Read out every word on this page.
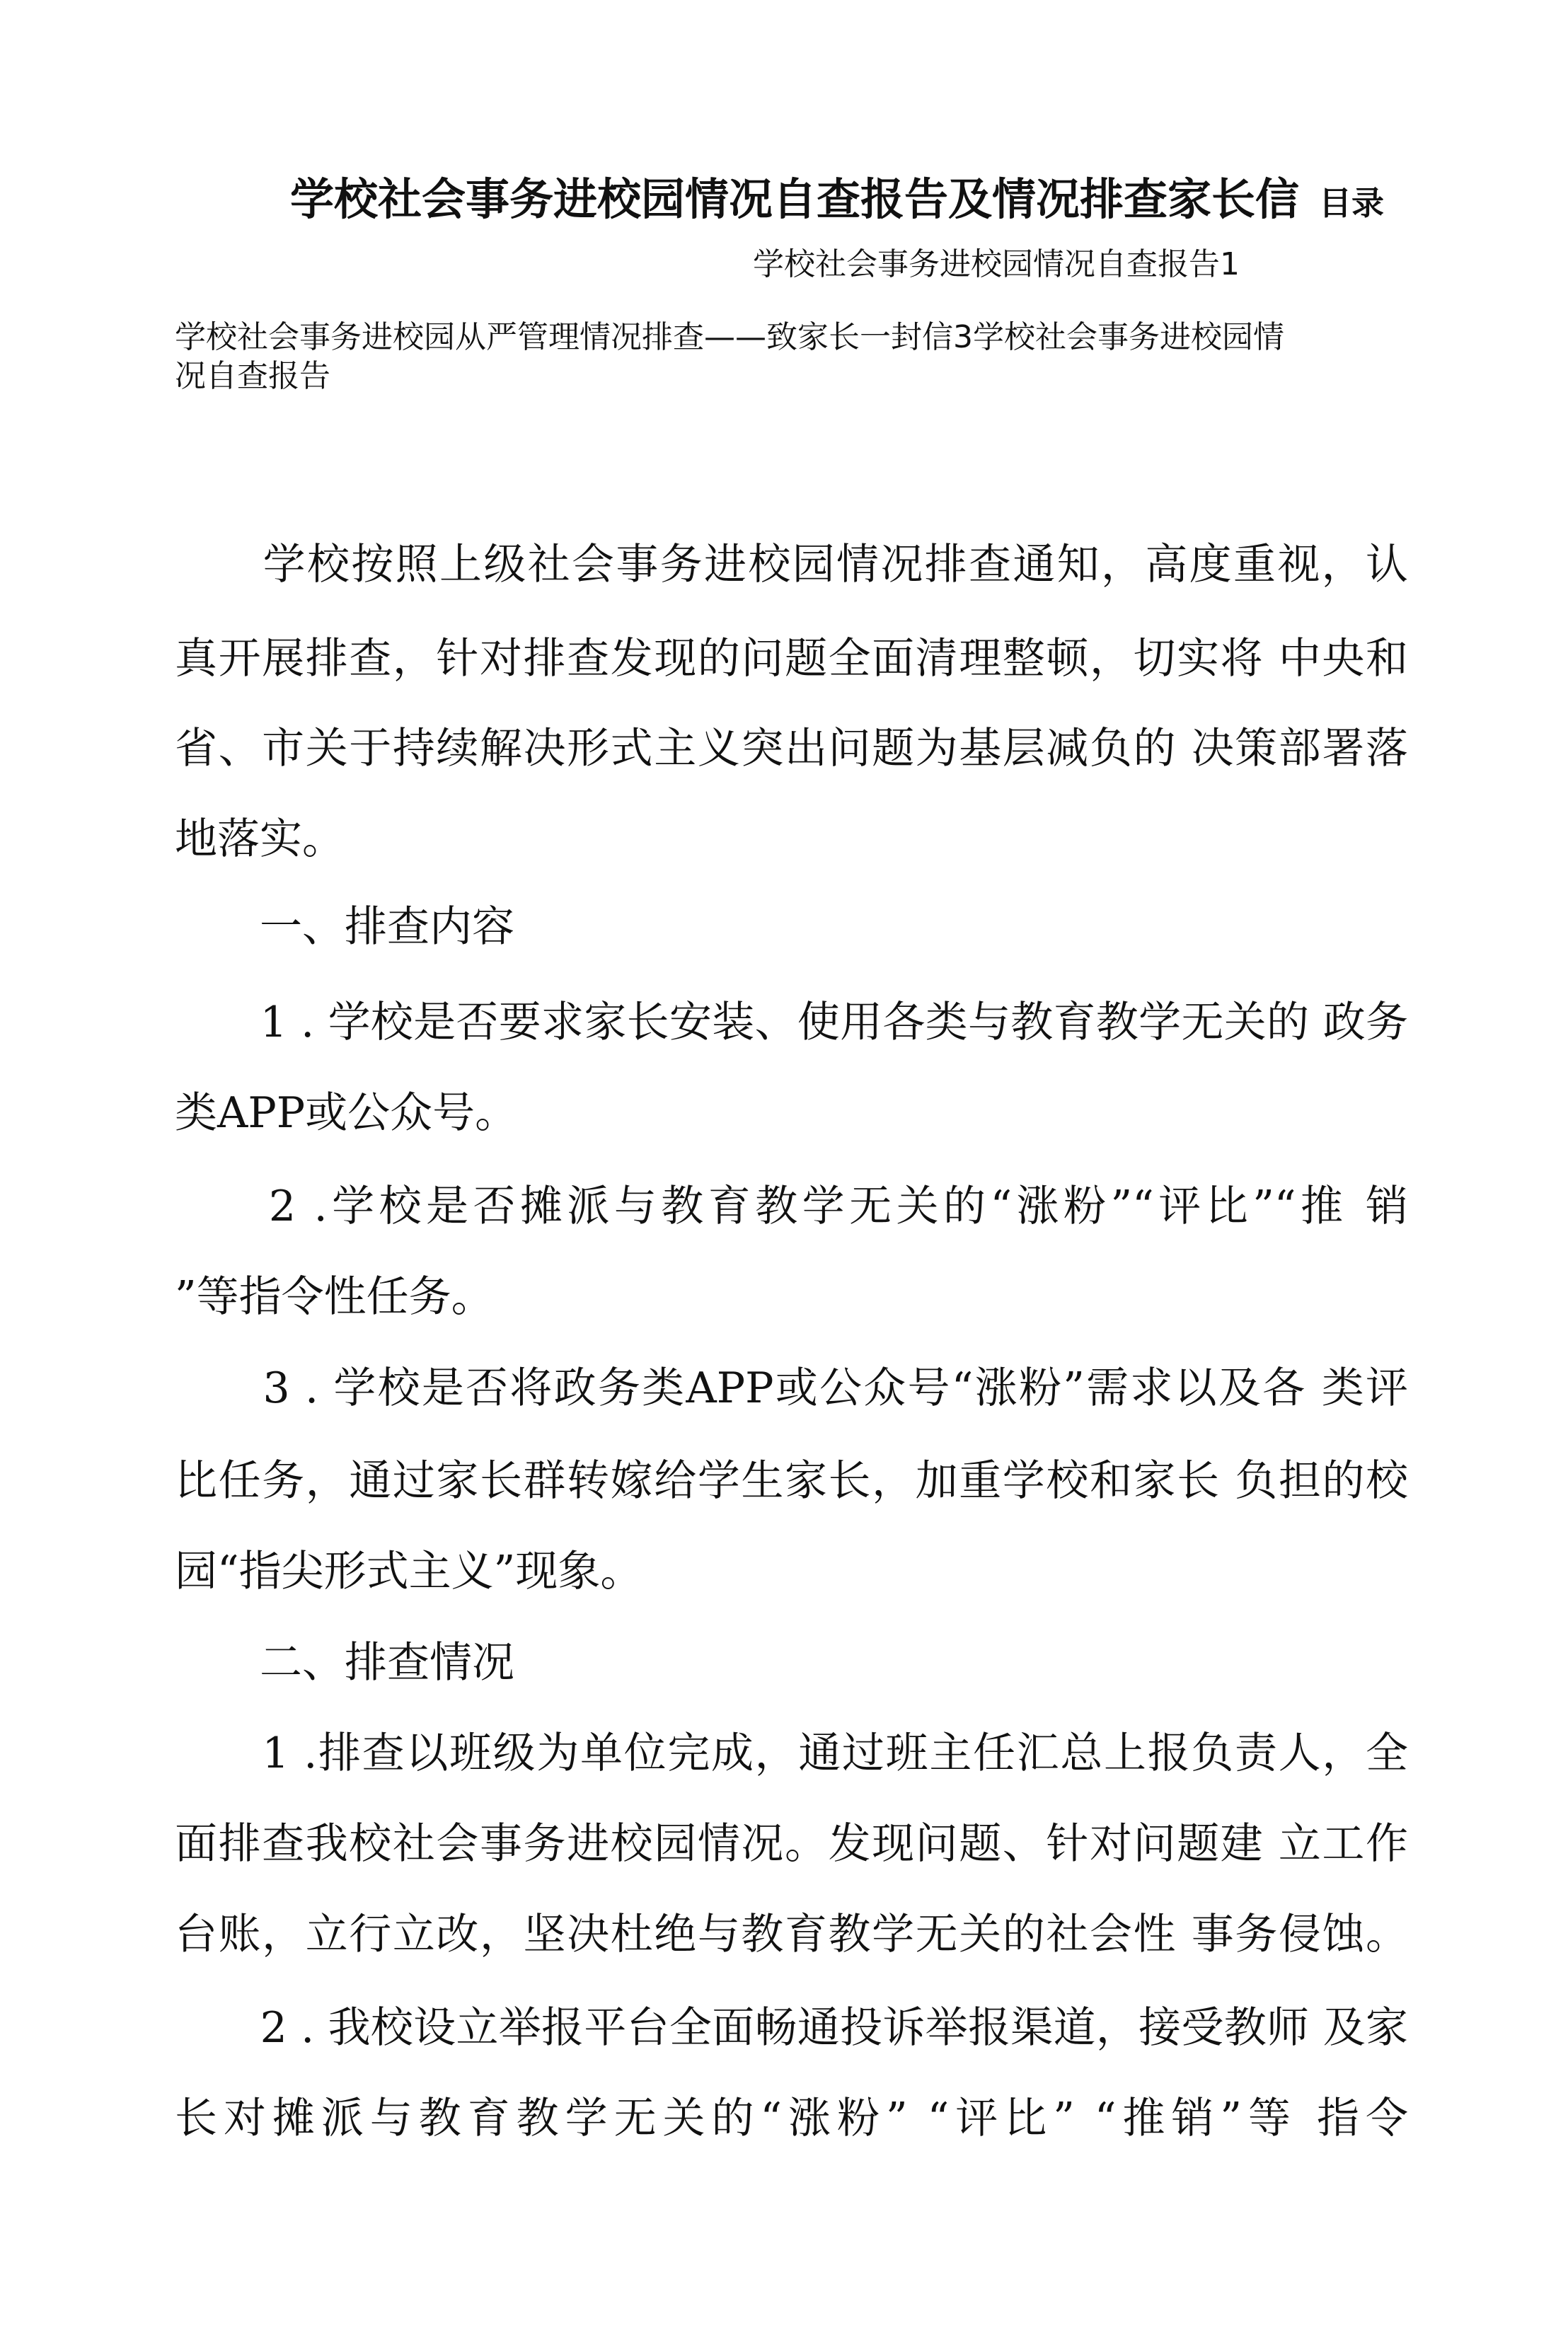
学校社会事务进校园情况自查报告及情况排查家长信 目录
学校社会事务进校园情况自查报告1
学校社会事务进校园从严管理情况排查——致家长一封信3学校社会事务进校园情
况自查报告
　　学校按照上级社会事务进校园情况排查通知，高度重视，认
真开展排查，针对排查发现的问题全面清理整顿，切实将 中央和
省、市关于持续解决形式主义突出问题为基层减负的 决策部署落
地落实。
　　一、排查内容
　　1 . 学校是否要求家长安装、使用各类与教育教学无关的 政务
类APP或公众号。
　　2 .学校是否摊派与教育教学无关的“涨粉”“评比”“推 销
”等指令性任务。
　　3 . 学校是否将政务类APP或公众号“涨粉”需求以及各 类评
比任务，通过家长群转嫁给学生家长，加重学校和家长 负担的校
园“指尖形式主义”现象。
　　二、排查情况
　　1 .排查以班级为单位完成，通过班主任汇总上报负责人，全
面排查我校社会事务进校园情况。发现问题、针对问题建 立工作
台账，立行立改，坚决杜绝与教育教学无关的社会性 事务侵蚀。
　　2 . 我校设立举报平台全面畅通投诉举报渠道，接受教师 及家
长对摊派与教育教学无关的“涨粉” “评比” “推销”等 指令
